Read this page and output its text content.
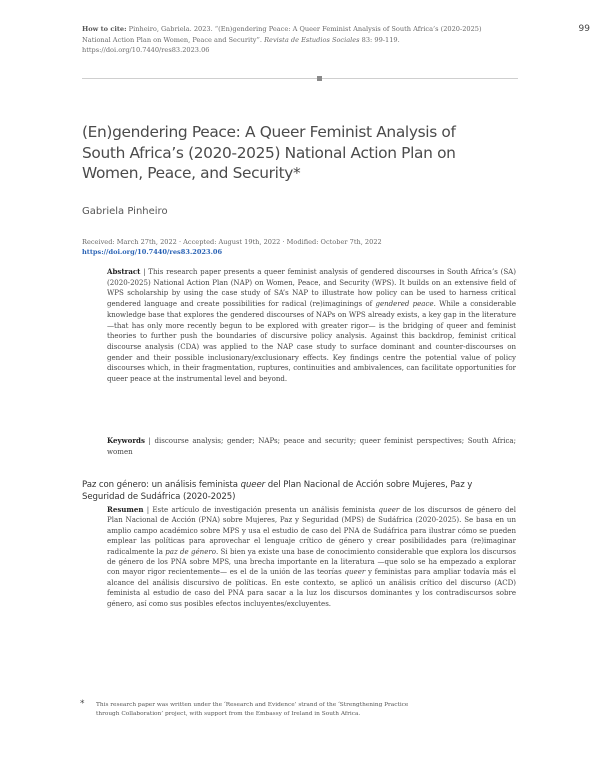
How to cite: Pinheiro, Gabriela. 2023. “(En)gendering Peace: A Queer Feminist Analysis of South Africa’s (2020-2025) National Action Plan on Women, Peace and Security”. Revista de Estudios Sociales 83: 99-119. https://doi.org/10.7440/res83.2023.06
99
(En)gendering Peace: A Queer Feminist Analysis of South Africa’s (2020-2025) National Action Plan on Women, Peace, and Security*
Gabriela Pinheiro
Received: March 27th, 2022 · Accepted: August 19th, 2022 · Modified: October 7th, 2022
https://doi.org/10.7440/res83.2023.06

Abstract | This research paper presents a queer feminist analysis of gendered discourses in South Africa’s (SA) (2020-2025) National Action Plan (NAP) on Women, Peace, and Security (WPS). It builds on an extensive field of WPS scholarship by using the case study of SA’s NAP to illustrate how policy can be used to harness critical gendered language and create possibilities for radical (re)imaginings of gendered peace. While a considerable knowledge base that explores the gendered discourses of NAPs on WPS already exists, a key gap in the literature —that has only more recently begun to be explored with greater rigor— is the bridging of queer and feminist theories to further push the boundaries of discursive policy analysis. Against this backdrop, feminist critical discourse analysis (CDA) was applied to the NAP case study to surface dominant and counter-discourses on gender and their possible inclusionary/exclusionary effects. Key findings centre the potential value of policy discourses which, in their fragmentation, ruptures, continuities and ambivalences, can facilitate opportunities for queer peace at the instrumental level and beyond.

Keywords | discourse analysis; gender; NAPs; peace and security; queer feminist perspectives; South Africa; women

Paz con género: un análisis feminista queer del Plan Nacional de Acción sobre Mujeres, Paz y Seguridad de Sudáfrica (2020-2025)

Resumen | Este artículo de investigación presenta un análisis feminista queer de los discursos de género del Plan Nacional de Acción (PNA) sobre Mujeres, Paz y Seguridad (MPS) de Sudáfrica (2020-2025). Se basa en un amplio campo académico sobre MPS y usa el estudio de caso del PNA de Sudáfrica para ilustrar cómo se pueden emplear las políticas para aprovechar el lenguaje crítico de género y crear posibilidades para (re)imaginar radicalmente la paz de género. Si bien ya existe una base de conocimiento considerable que explora los discursos de género de los PNA sobre MPS, una brecha importante en la literatura —que solo se ha empezado a explorar con mayor rigor recientemente— es el de la unión de las teorías queer y feministas para ampliar todavía más el alcance del análisis discursivo de políticas. En este contexto, se aplicó un análisis crítico del discurso (ACD) feminista al estudio de caso del PNA para sacar a la luz los discursos dominantes y los contradiscursos sobre género, así como sus posibles efectos incluyentes/excluyentes.

* This research paper was written under the ‘Research and Evidence’ strand of the ‘Strengthening Practice through Collaboration’ project, with support from the Embassy of Ireland in South Africa.
